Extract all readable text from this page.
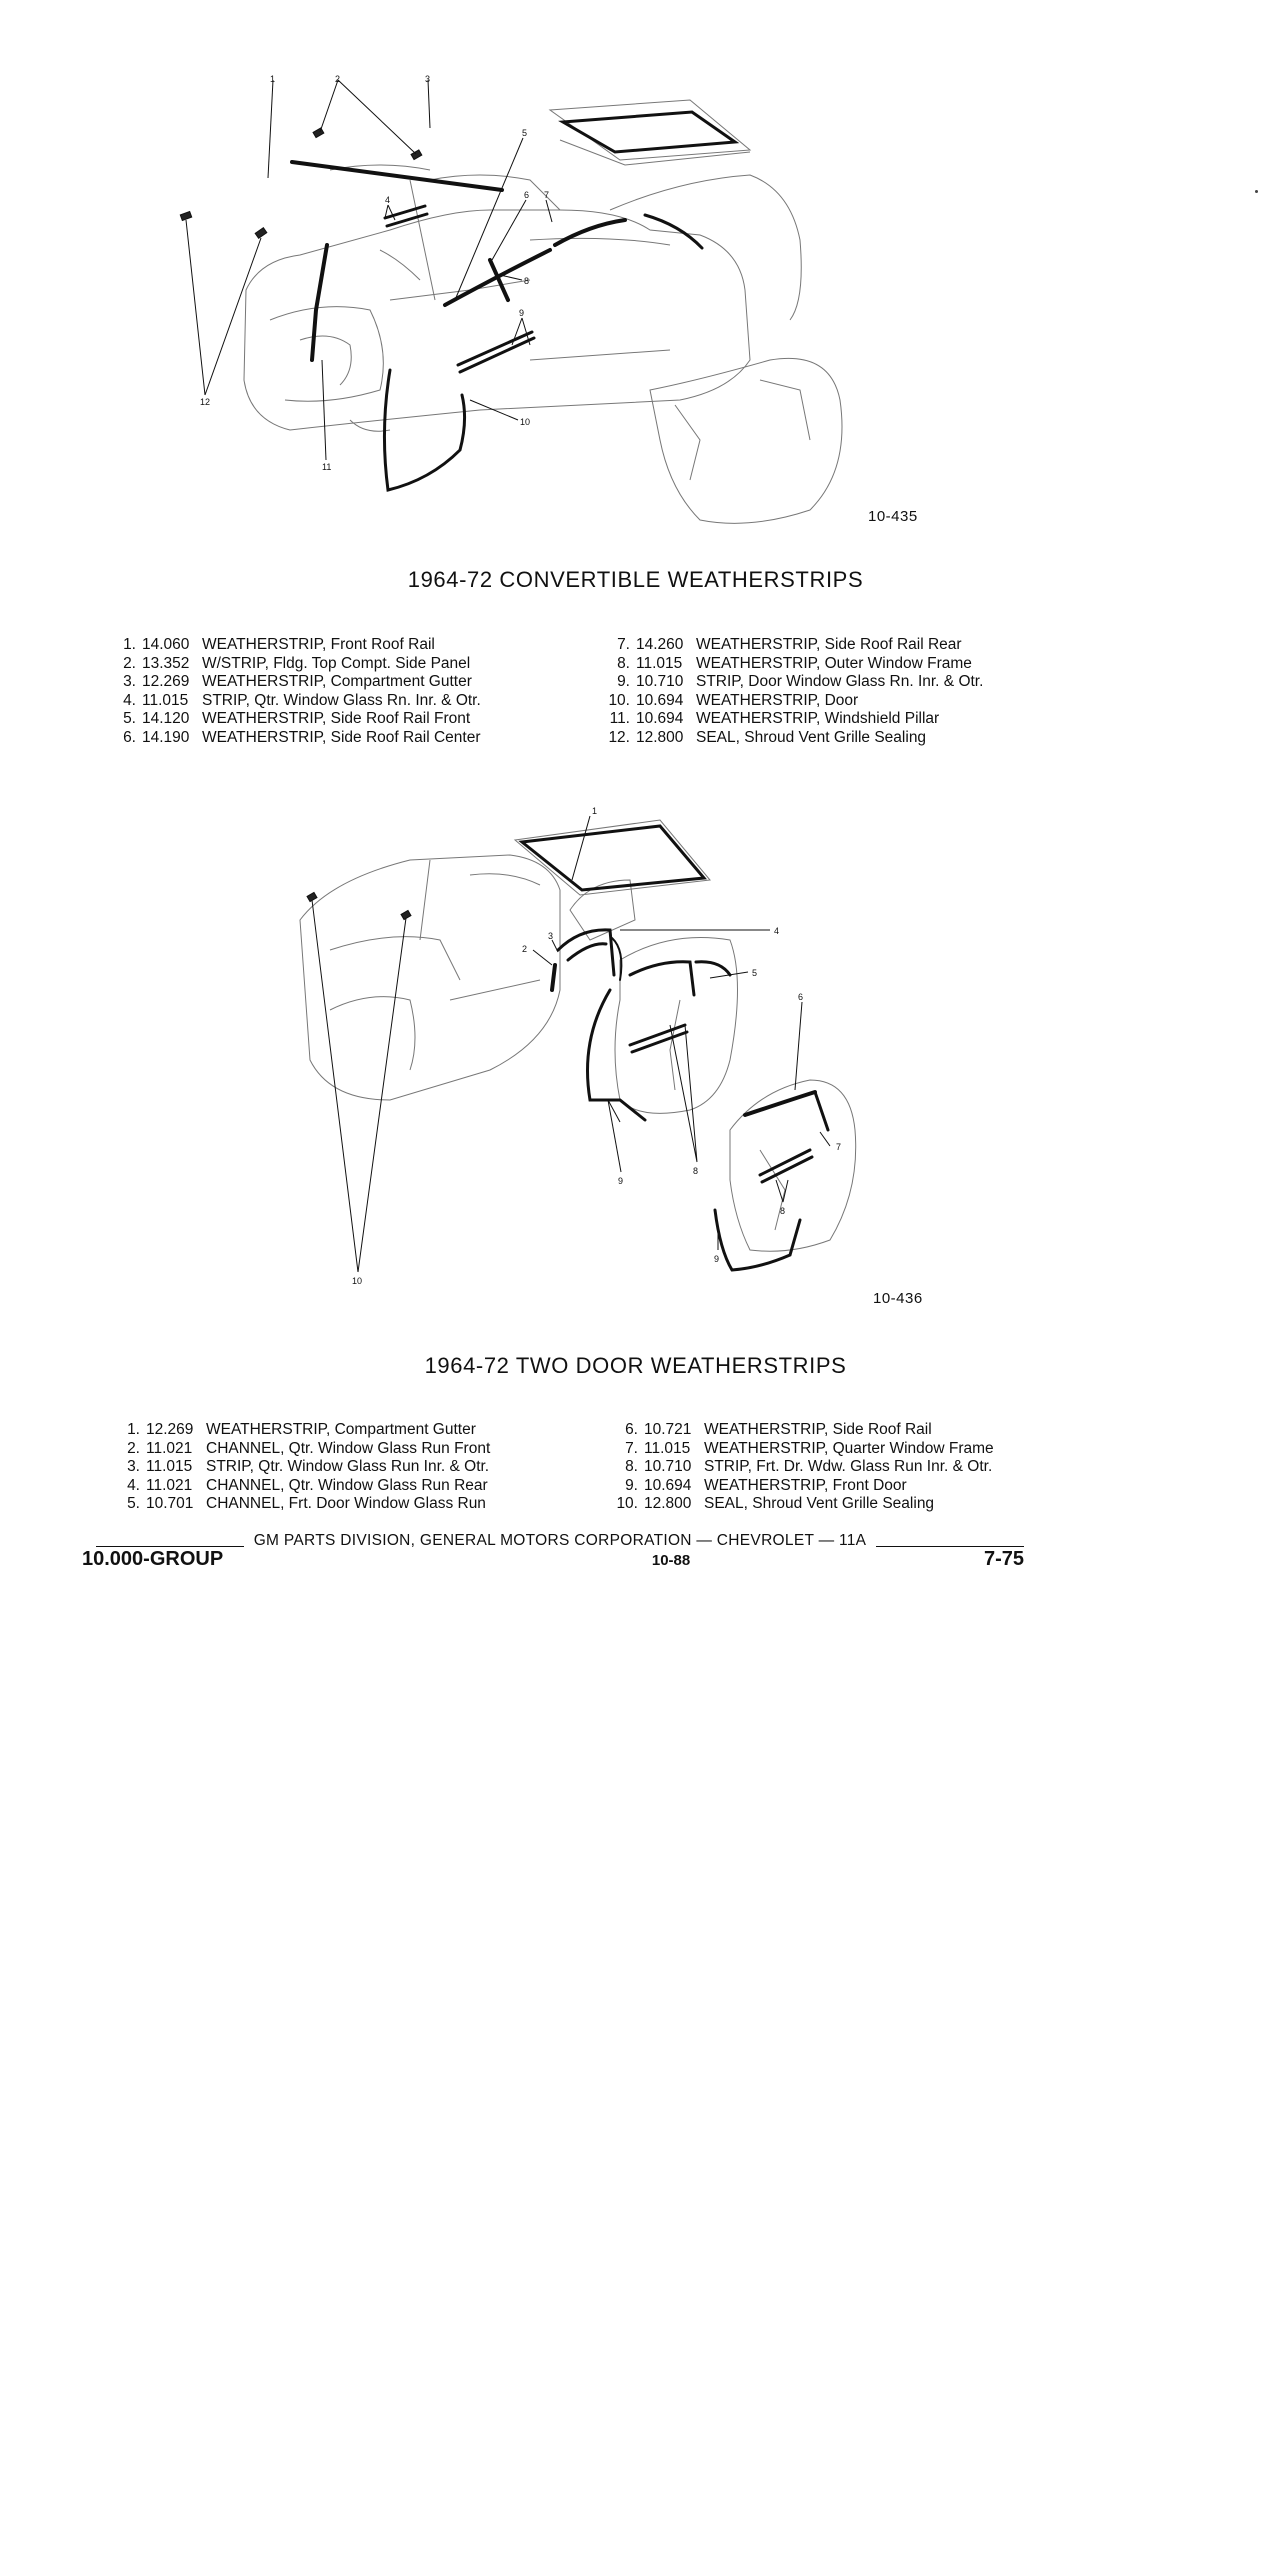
1	2	3
4
5
6 7
8
9
10
11
12
10-435
1964-72 CONVERTIBLE WEATHERSTRIPS
1. 14.060 WEATHERSTRIP, Front Roof Rail
2. 13.352 W/STRIP, Fldg. Top Compt. Side Panel
3. 12.269 WEATHERSTRIP, Compartment Gutter
4. 11.015 STRIP, Qtr. Window Glass Rn. Inr. & Otr.
5. 14.120 WEATHERSTRIP, Side Roof Rail Front
6. 14.190 WEATHERSTRIP, Side Roof Rail Center
7. 14.260 WEATHERSTRIP, Side Roof Rail Rear
8. 11.015 WEATHERSTRIP, Outer Window Frame
9. 10.710 STRIP, Door Window Glass Rn. Inr. & Otr.
10. 10.694 WEATHERSTRIP, Door
11. 10.694 WEATHERSTRIP, Windshield Pillar
12. 12.800 SEAL, Shroud Vent Grille Sealing
1
2
3	4
5
6
7
8
8
9
9
10
10-436
1964-72 TWO DOOR WEATHERSTRIPS
1. 12.269 WEATHERSTRIP, Compartment Gutter
2. 11.021 CHANNEL, Qtr. Window Glass Run Front
3. 11.015 STRIP, Qtr. Window Glass Run Inr. & Otr.
4. 11.021 CHANNEL, Qtr. Window Glass Run Rear
5. 10.701 CHANNEL, Frt. Door Window Glass Run
6. 10.721 WEATHERSTRIP, Side Roof Rail
7. 11.015 WEATHERSTRIP, Quarter Window Frame
8. 10.710 STRIP, Frt. Dr. Wdw. Glass Run Inr. & Otr.
9. 10.694 WEATHERSTRIP, Front Door
10. 12.800 SEAL, Shroud Vent Grille Sealing
GM PARTS DIVISION, GENERAL MOTORS CORPORATION — CHEVROLET — 11A
10.000-GROUP	10-88	7-75
